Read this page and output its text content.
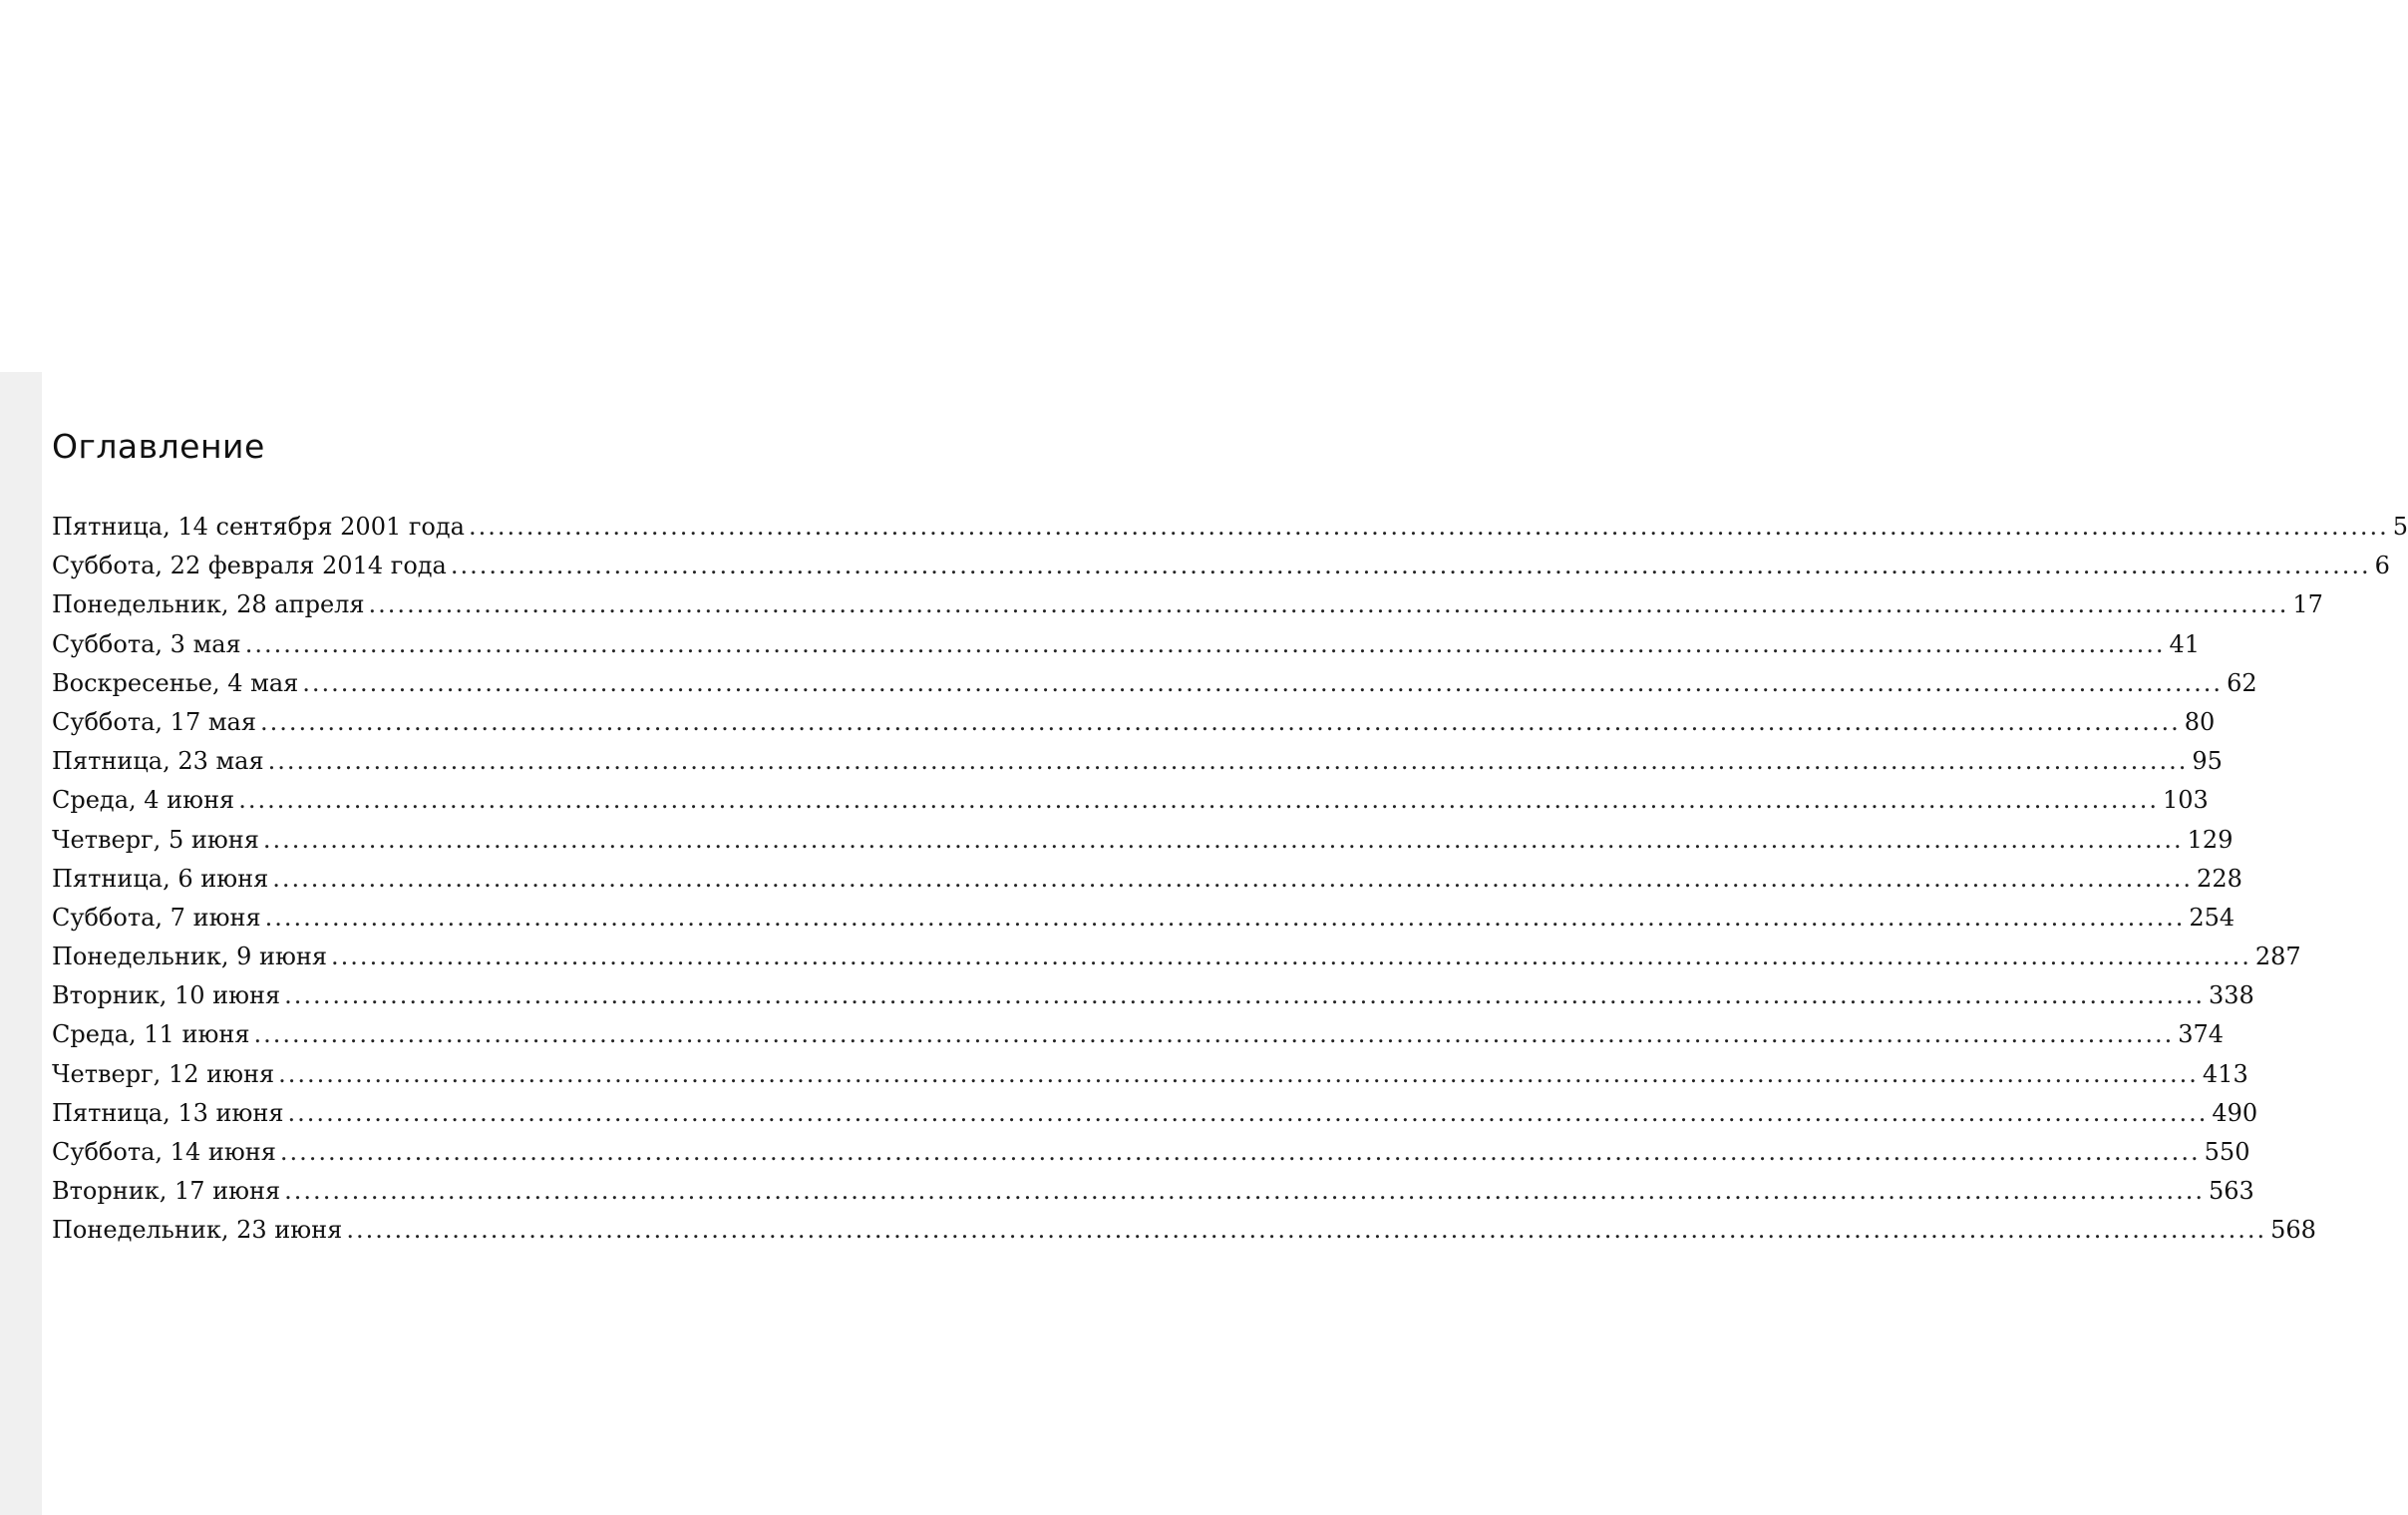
Оглавление
Пятница, 14 сентября 2001 года ........................................................................................................................................................................................................ 5
Суббота, 22 февраля 2014 года ........................................................................................................................................................................................................ 6
Понедельник, 28 апреля ........................................................................................................................................................................................................ 17
Суббота, 3 мая ........................................................................................................................................................................................................ 41
Воскресенье, 4 мая ........................................................................................................................................................................................................ 62
Суббота, 17 мая ........................................................................................................................................................................................................ 80
Пятница, 23 мая ........................................................................................................................................................................................................ 95
Среда, 4 июня ........................................................................................................................................................................................................ 103
Четверг, 5 июня ........................................................................................................................................................................................................ 129
Пятница, 6 июня ........................................................................................................................................................................................................ 228
Суббота, 7 июня ........................................................................................................................................................................................................ 254
Понедельник, 9 июня ........................................................................................................................................................................................................ 287
Вторник, 10 июня ........................................................................................................................................................................................................ 338
Среда, 11 июня ........................................................................................................................................................................................................ 374
Четверг, 12 июня ........................................................................................................................................................................................................ 413
Пятница, 13 июня ........................................................................................................................................................................................................ 490
Суббота, 14 июня ........................................................................................................................................................................................................ 550
Вторник, 17 июня ........................................................................................................................................................................................................ 563
Понедельник, 23 июня ........................................................................................................................................................................................................ 568
